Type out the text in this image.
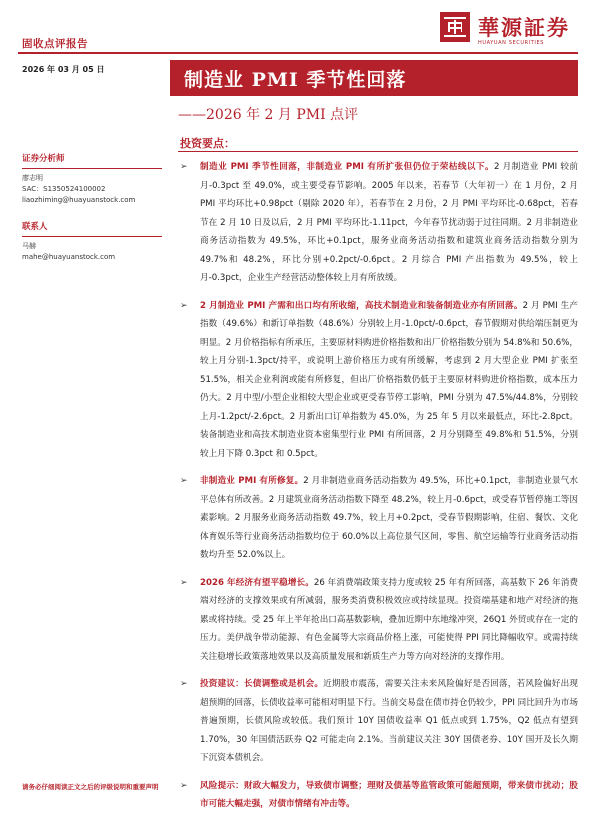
固收点评报告
2026 年 03 月 05 日
華源証券
HUAYUAN SECURITIES
制造业 PMI 季节性回落
——2026 年 2 月 PMI 点评
投资要点：
证券分析师
廖志明
SAC：S1350524100002
liaozhiming@huayuanstock.com
联系人
马赫
mahe@huayuanstock.com
➢	制造业 PMI 季节性回落，非制造业 PMI 有所扩张但仍位于荣枯线以下。2 月制造业 PMI 较前月-0.3pct 至 49.0%，或主要受春节影响。2005 年以来，若春节（大年初一）在 1 月份，2 月 PMI 平均环比+0.98pct（剔除 2020 年），若春节在 2 月份，2 月 PMI 平均环比-0.68pct，若春节在 2 月 10 日及以后，2 月 PMI 平均环比-1.11pct，今年春节扰动弱于过往同期。2 月非制造业商务活动指数为 49.5%，环比+0.1pct，服务业商务活动指数和建筑业商务活动指数分别为 49.7%和 48.2%，环比分别+0.2pct/-0.6pct。2 月综合 PMI 产出指数为 49.5%，较上月-0.3pct，企业生产经营活动整体较上月有所放缓。
➢	2 月制造业 PMI 产需和出口均有所收缩，高技术制造业和装备制造业亦有所回落。2 月 PMI 生产指数（49.6%）和新订单指数（48.6%）分别较上月-1.0pct/-0.6pct，春节假期对供给端压制更为明显。2 月价格指标有所承压，主要原材料购进价格指数和出厂价格指数分别为 54.8%和 50.6%，较上月分别-1.3pct/持平，或说明上游价格压力或有所缓解，考虑到 2 月大型企业 PMI 扩张至 51.5%，相关企业利润或能有所修复，但出厂价格指数仍低于主要原材料购进价格指数，成本压力仍大。2 月中型/小型企业相较大型企业或更受春节停工影响，PMI 分别为 47.5%/44.8%，分别较上月-1.2pct/-2.6pct。2 月新出口订单指数为 45.0%，为 25 年 5 月以来最低点，环比-2.8pct。装备制造业和高技术制造业资本密集型行业 PMI 有所回落，2 月分别降至 49.8%和 51.5%，分别较上月下降 0.3pct 和 0.5pct。
➢	非制造业 PMI 有所修复。2 月非制造业商务活动指数为 49.5%，环比+0.1pct，非制造业景气水平总体有所改善。2 月建筑业商务活动指数下降至 48.2%，较上月-0.6pct，或受春节暂停施工等因素影响。2 月服务业商务活动指数 49.7%，较上月+0.2pct，受春节假期影响，住宿、餐饮、文化体育娱乐等行业商务活动指数均位于 60.0%以上高位景气区间，零售、航空运输等行业商务活动指数均升至 52.0%以上。
➢	2026 年经济有望平稳增长。26 年消费端政策支持力度或较 25 年有所回落，高基数下 26 年消费端对经济的支撑效果或有所减弱，服务类消费积极效应或持续显现。投资端基建和地产对经济的拖累或将持续。受 25 年上半年抢出口高基数影响，叠加近期中东地缘冲突，26Q1 外贸或存在一定的压力。美伊战争带动能源、有色金属等大宗商品价格上涨，可能使得 PPI 同比降幅收窄。或需持续关注稳增长政策落地效果以及高质量发展和新质生产力等方向对经济的支撑作用。
➢	投资建议：长债调整或是机会。近期股市震荡，需要关注未来风险偏好是否回落，若风险偏好出现超预期的回落，长债收益率可能相对明显下行。当前交易盘在债市持仓仍较少，PPI 同比回升为市场普遍预期，长债风险或较低。我们预计 10Y 国债收益率 Q1 低点或到 1.75%，Q2 低点有望到 1.70%，30 年国债活跃券 Q2 可能走向 2.1%。当前建议关注 30Y 国债老券、10Y 国开及长久期下沉资本债机会。
➢	风险提示：财政大幅发力，导致债市调整；理财及债基等监管政策可能超预期，带来债市扰动；股市可能大幅走强，对债市情绪有冲击等。
请务必仔细阅读正文之后的评级说明和重要声明
